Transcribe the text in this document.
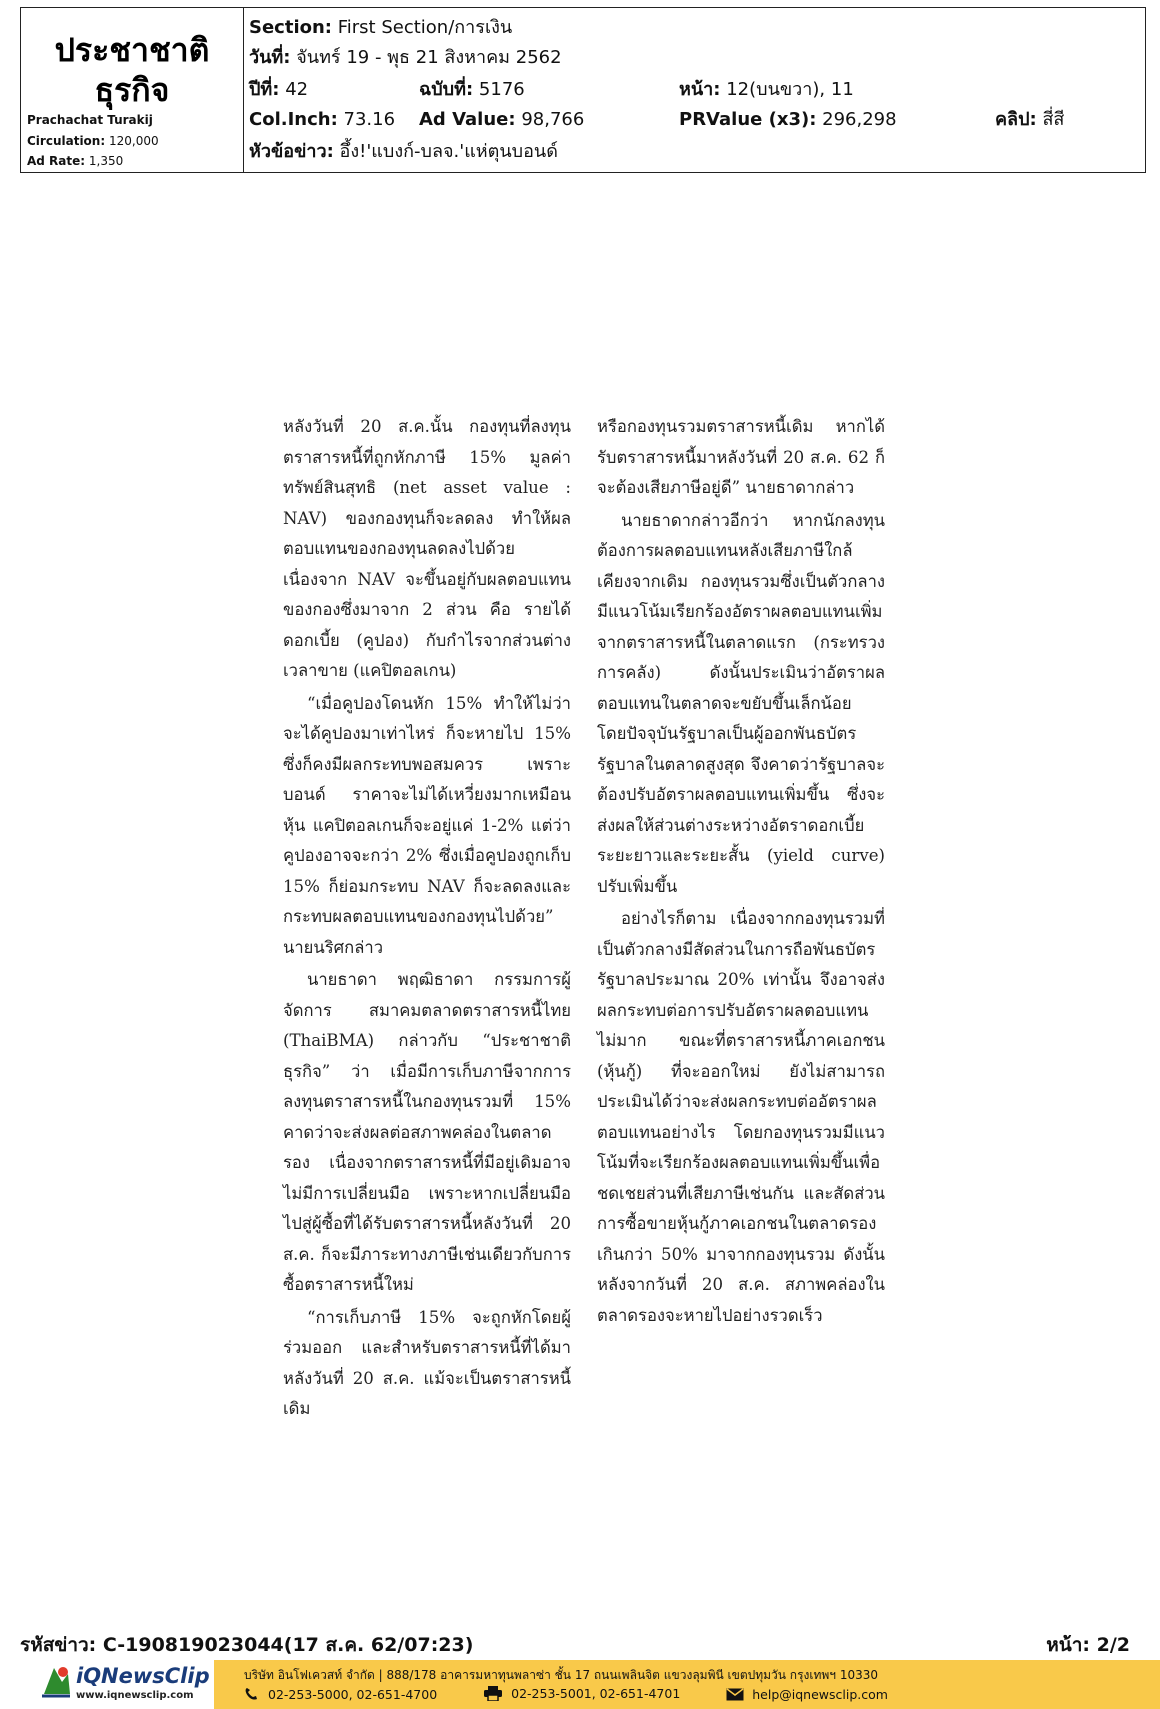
ประชาชาติ
ธุรกิจ
Prachachat Turakij
Circulation: 120,000
Ad Rate: 1,350
Section: First Section/การเงิน
วันที่: จันทร์ 19 - พุธ 21 สิงหาคม 2562
ปีที่: 42	ฉบับที่: 5176	หน้า: 12(บนขวา), 11
Col.Inch: 73.16 Ad Value: 98,766	PRValue (x3): 296,298	คลิป: สี่สี
หัวข้อข่าว: อึ้ง!'แบงก์-บลจ.'แห่ตุนบอนด์

หลังวันที่ 20 ส.ค.นั้น กองทุนที่ลงทุนตราสารหนี้ที่ถูกหักภาษี 15% มูลค่าทรัพย์สินสุทธิ (net asset value : NAV) ของกองทุนก็จะลดลง ทำให้ผลตอบแทนของกองทุนลดลงไปด้วย เนื่องจาก NAV จะขึ้นอยู่กับผลตอบแทนของกองซึ่งมาจาก 2 ส่วน คือ รายได้ดอกเบี้ย (คูปอง) กับกำไรจากส่วนต่างเวลาขาย (แคปิตอลเกน)

“เมื่อคูปองโดนหัก 15% ทำให้ไม่ว่าจะได้คูปองมาเท่าไหร่ ก็จะหายไป 15% ซึ่งก็คงมีผลกระทบพอสมควร เพราะบอนด์ ราคาจะไม่ได้เหวี่ยงมากเหมือนหุ้น แคปิตอลเกนก็จะอยู่แค่ 1-2% แต่ว่าคูปองอาจจะกว่า 2% ซึ่งเมื่อคูปองถูกเก็บ 15% ก็ย่อมกระทบ NAV ก็จะลดลงและกระทบผลตอบแทนของกองทุนไปด้วย” นายนริศกล่าว

นายธาดา พฤฒิธาดา กรรมการผู้จัดการ สมาคมตลาดตราสารหนี้ไทย (ThaiBMA) กล่าวกับ “ประชาชาติธุรกิจ” ว่า เมื่อมีการเก็บภาษีจากการลงทุนตราสารหนี้ในกองทุนรวมที่ 15% คาดว่าจะส่งผลต่อสภาพคล่องในตลาดรอง เนื่องจากตราสารหนี้ที่มีอยู่เดิมอาจไม่มีการเปลี่ยนมือ เพราะหากเปลี่ยนมือไปสู่ผู้ซื้อที่ได้รับตราสารหนี้หลังวันที่ 20 ส.ค. ก็จะมีภาระทางภาษีเช่นเดียวกับการซื้อตราสารหนี้ใหม่

“การเก็บภาษี 15% จะถูกหักโดยผู้ร่วมออก และสำหรับตราสารหนี้ที่ได้มาหลังวันที่ 20 ส.ค. แม้จะเป็นตราสารหนี้เดิม

หรือกองทุนรวมตราสารหนี้เดิม หากได้รับตราสารหนี้มาหลังวันที่ 20 ส.ค. 62 ก็จะต้องเสียภาษีอยู่ดี” นายธาดากล่าว

นายธาดากล่าวอีกว่า หากนักลงทุนต้องการผลตอบแทนหลังเสียภาษีใกล้เคียงจากเดิม กองทุนรวมซึ่งเป็นตัวกลางมีแนวโน้มเรียกร้องอัตราผลตอบแทนเพิ่มจากตราสารหนี้ในตลาดแรก (กระทรวงการคลัง) ดังนั้นประเมินว่าอัตราผลตอบแทนในตลาดจะขยับขึ้นเล็กน้อย โดยปัจจุบันรัฐบาลเป็นผู้ออกพันธบัตรรัฐบาลในตลาดสูงสุด จึงคาดว่ารัฐบาลจะต้องปรับอัตราผลตอบแทนเพิ่มขึ้น ซึ่งจะส่งผลให้ส่วนต่างระหว่างอัตราดอกเบี้ยระยะยาวและระยะสั้น (yield curve) ปรับเพิ่มขึ้น

อย่างไรก็ตาม เนื่องจากกองทุนรวมที่เป็นตัวกลางมีสัดส่วนในการถือพันธบัตรรัฐบาลประมาณ 20% เท่านั้น จึงอาจส่งผลกระทบต่อการปรับอัตราผลตอบแทนไม่มาก ขณะที่ตราสารหนี้ภาคเอกชน (หุ้นกู้) ที่จะออกใหม่ ยังไม่สามารถประเมินได้ว่าจะส่งผลกระทบต่ออัตราผลตอบแทนอย่างไร โดยกองทุนรวมมีแนวโน้มที่จะเรียกร้องผลตอบแทนเพิ่มขึ้นเพื่อชดเชยส่วนที่เสียภาษีเช่นกัน และสัดส่วนการซื้อขายหุ้นกู้ภาคเอกชนในตลาดรองเกินกว่า 50% มาจากกองทุนรวม ดังนั้นหลังจากวันที่ 20 ส.ค. สภาพคล่องในตลาดรองจะหายไปอย่างรวดเร็ว

รหัสข่าว: C-190819023044(17 ส.ค. 62/07:23)	หน้า: 2/2
iQNewsClip
www.iqnewsclip.com
บริษัท อินโฟเควสท์ จำกัด | 888/178 อาคารมหาทุนพลาซ่า ชั้น 17 ถนนเพลินจิต แขวงลุมพินี เขตปทุมวัน กรุงเทพฯ 10330
02-253-5000, 02-651-4700
	02-253-5001, 02-651-4701
	help@iqnewsclip.com
